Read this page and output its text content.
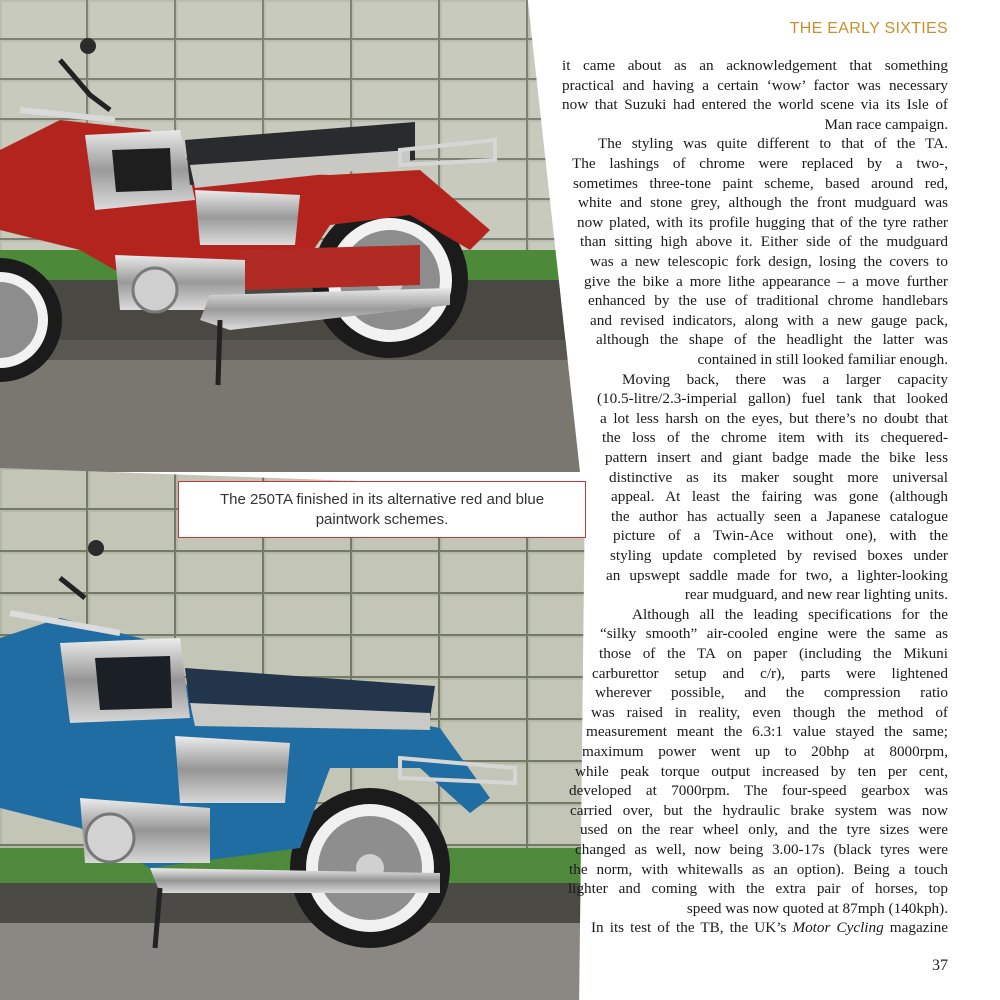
The 250TA finished in its alternative red and blue
paintwork schemes.
THE EARLY SIXTIES
it came about as an acknowledgement that something
practical and having a certain ‘wow’ factor was necessary
now that Suzuki had entered the world scene via its Isle of
Man race campaign.
The styling was quite different to that of the TA.
The lashings of chrome were replaced by a two-,
sometimes three-tone paint scheme, based around red,
white and stone grey, although the front mudguard was
now plated, with its profile hugging that of the tyre rather
than sitting high above it. Either side of the mudguard
was a new telescopic fork design, losing the covers to
give the bike a more lithe appearance – a move further
enhanced by the use of traditional chrome handlebars
and revised indicators, along with a new gauge pack,
although the shape of the headlight the latter was
contained in still looked familiar enough.
Moving back, there was a larger capacity
(10.5-litre/2.3-imperial gallon) fuel tank that looked
a lot less harsh on the eyes, but there’s no doubt that
the loss of the chrome item with its chequered-
pattern insert and giant badge made the bike less
distinctive as its maker sought more universal
appeal. At least the fairing was gone (although
the author has actually seen a Japanese catalogue
picture of a Twin-Ace without one), with the
styling update completed by revised boxes under
an upswept saddle made for two, a lighter-looking
rear mudguard, and new rear lighting units.
Although all the leading specifications for the
“silky smooth” air-cooled engine were the same as
those of the TA on paper (including the Mikuni
carburettor setup and c/r), parts were lightened
wherever possible, and the compression ratio
was raised in reality, even though the method of
measurement meant the 6.3:1 value stayed the same;
maximum power went up to 20bhp at 8000rpm,
while peak torque output increased by ten per cent,
developed at 7000rpm. The four-speed gearbox was
carried over, but the hydraulic brake system was now
used on the rear wheel only, and the tyre sizes were
changed as well, now being 3.00-17s (black tyres were
the norm, with whitewalls as an option). Being a touch
lighter and coming with the extra pair of horses, top
speed was now quoted at 87mph (140kph).
In its test of the TB, the UK’s Motor Cycling magazine
37
